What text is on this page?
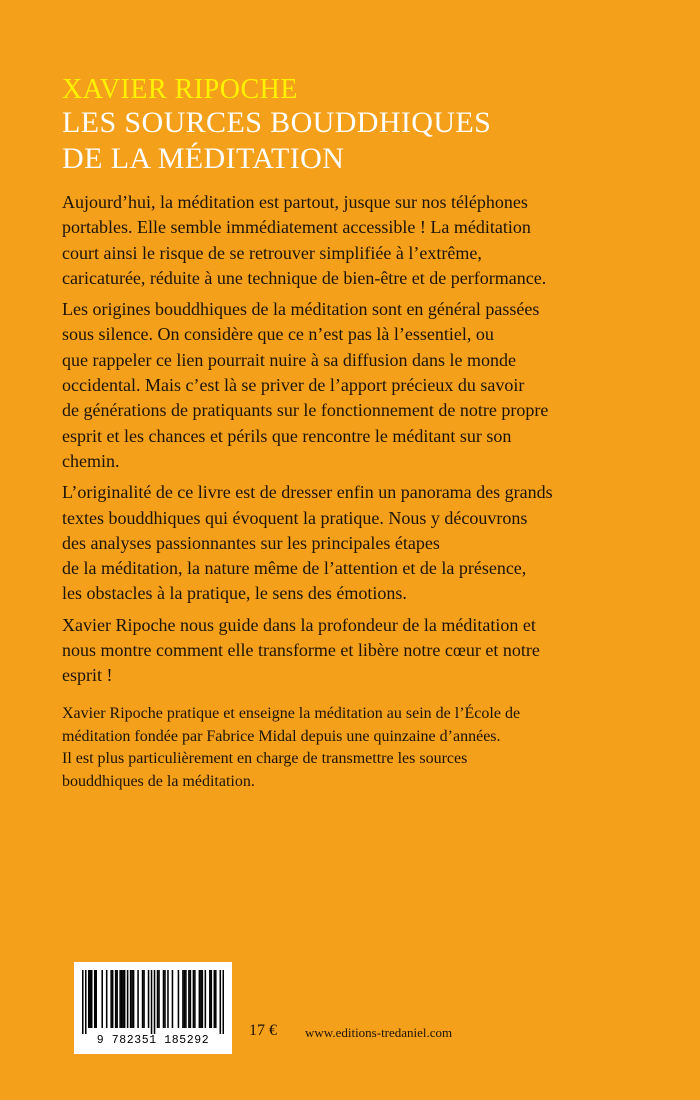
XAVIER RIPOCHE
LES SOURCES BOUDDHIQUES
DE LA MÉDITATION

Aujourd’hui, la méditation est partout, jusque sur nos téléphones
portables. Elle semble immédiatement accessible ! La méditation
court ainsi le risque de se retrouver simplifiée à l’extrême,
caricaturée, réduite à une technique de bien-être et de performance.

Les origines bouddhiques de la méditation sont en général passées
sous silence. On considère que ce n’est pas là l’essentiel, ou
que rappeler ce lien pourrait nuire à sa diffusion dans le monde
occidental. Mais c’est là se priver de l’apport précieux du savoir
de générations de pratiquants sur le fonctionnement de notre propre
esprit et les chances et périls que rencontre le méditant sur son
chemin.

L’originalité de ce livre est de dresser enfin un panorama des grands
textes bouddhiques qui évoquent la pratique. Nous y découvrons
des analyses passionnantes sur les principales étapes
de la méditation, la nature même de l’attention et de la présence,
les obstacles à la pratique, le sens des émotions.

Xavier Ripoche nous guide dans la profondeur de la méditation et
nous montre comment elle transforme et libère notre cœur et notre
esprit !

Xavier Ripoche pratique et enseigne la méditation au sein de l’École de
méditation fondée par Fabrice Midal depuis une quinzaine d’années.
Il est plus particulièrement en charge de transmettre les sources
bouddhiques de la méditation.
9 782351 185292
17 € www.editions-tredaniel.com
